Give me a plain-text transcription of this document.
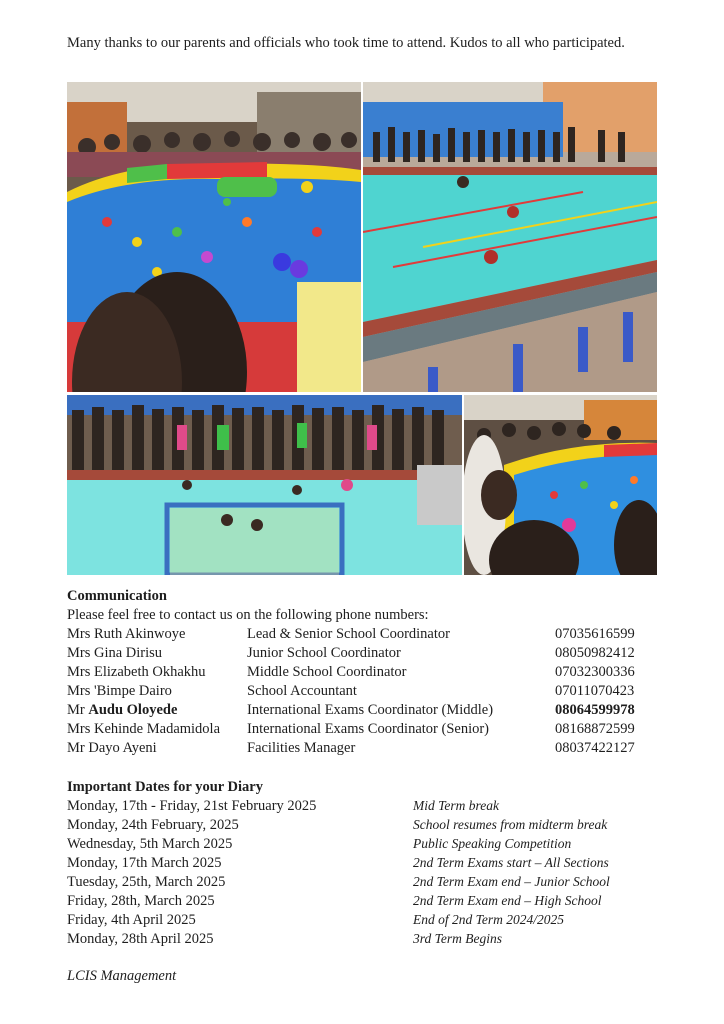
Many thanks to our parents and officials who took time to attend. Kudos to all who participated.
Communication
Please feel free to contact us on the following phone numbers:
Mrs Ruth Akinwoye	Lead & Senior School Coordinator	07035616599
Mrs Gina Dirisu	Junior School Coordinator	08050982412
Mrs Elizabeth Okhakhu	Middle School Coordinator	07032300336
Mrs 'Bimpe Dairo	School Accountant	07011070423
Mr Audu Oloyede	International Exams Coordinator (Middle)	08064599978
Mrs Kehinde Madamidola International Exams Coordinator (Senior)	08168872599
Mr Dayo Ayeni	Facilities Manager	08037422127
Important Dates for your Diary
Monday, 17th - Friday, 21st February 2025	Mid Term break
Monday, 24th February, 2025	School resumes from midterm break
Wednesday, 5th March 2025	Public Speaking Competition
Monday, 17th March 2025	2nd Term Exams start – All Sections
Tuesday, 25th, March 2025	2nd Term Exam end – Junior School
Friday, 28th, March 2025	2nd Term Exam end – High School
Friday, 4th April 2025	End of 2nd Term 2024/2025
Monday, 28th April 2025	3rd Term Begins
LCIS Management
